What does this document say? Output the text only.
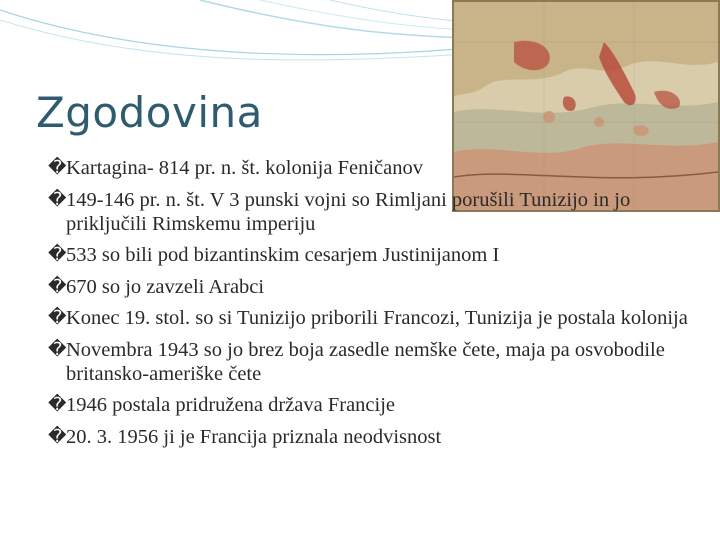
Zgodovina
� Kartagina- 814 pr. n. št. kolonija Feničanov
� 149-146 pr. n. št. V 3 punski vojni so Rimljani porušili Tunizijo in jo priključili Rimskemu imperiju
� 533 so bili pod bizantinskim cesarjem Justinijanom I
� 670 so jo zavzeli Arabci
� Konec 19. stol. so si Tunizijo priborili Francozi, Tunizija je postala kolonija
� Novembra 1943 so jo brez boja zasedle nemške čete, maja pa osvobodile britansko-ameriške čete
� 1946 postala pridružena država Francije
� 20. 3. 1956 ji je Francija priznala neodvisnost
